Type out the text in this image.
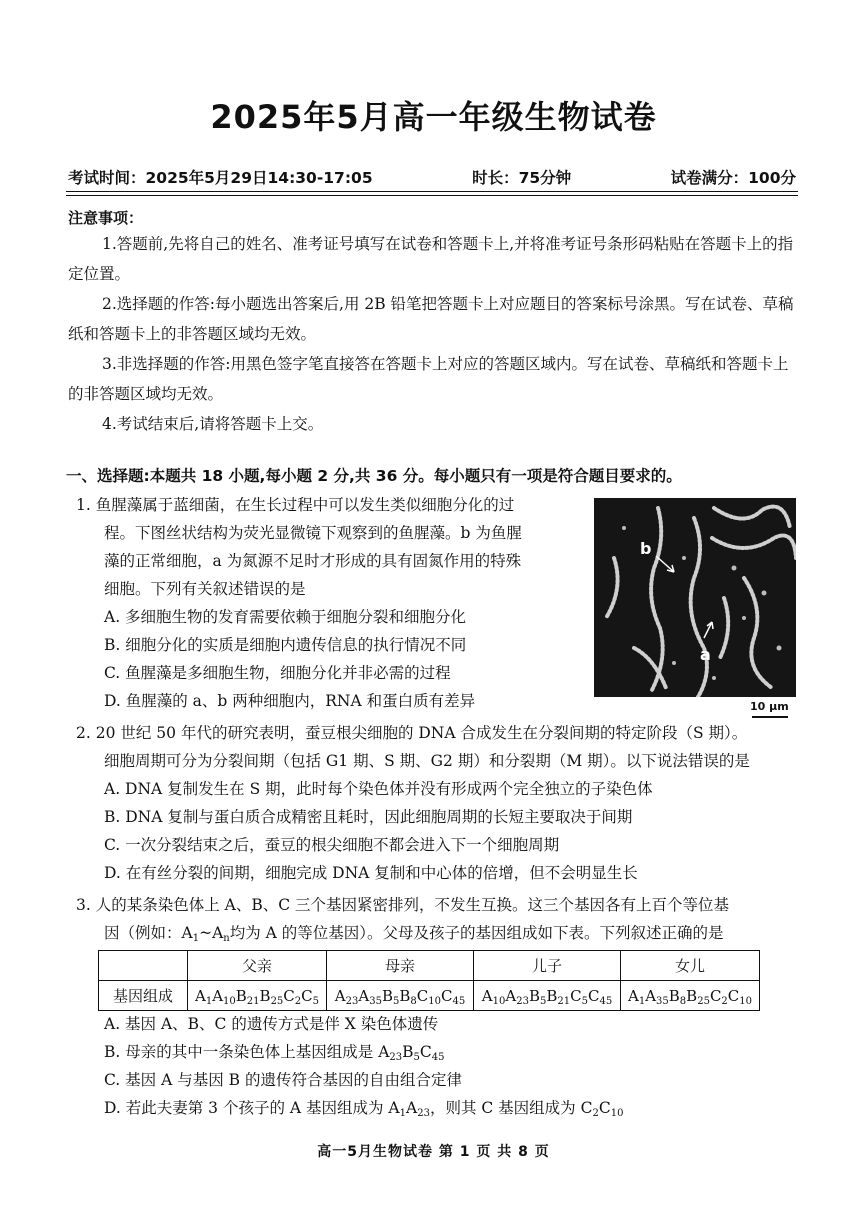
2025年5月高一年级生物试卷
考试时间：2025年5月29日14:30-17:05	时长：75分钟	试卷满分：100分
注意事项：

1.答题前,先将自己的姓名、准考证号填写在试卷和答题卡上,并将准考证号条形码粘贴在答题卡上的指定位置。

2.选择题的作答:每小题选出答案后,用 2B 铅笔把答题卡上对应题目的答案标号涂黑。写在试卷、草稿纸和答题卡上的非答题区域均无效。

3.非选择题的作答:用黑色签字笔直接答在答题卡上对应的答题区域内。写在试卷、草稿纸和答题卡上的非答题区域均无效。

4.考试结束后,请将答题卡上交。

一、选择题:本题共 18 小题,每小题 2 分,共 36 分。每小题只有一项是符合题目要求的。
1. 鱼腥藻属于蓝细菌，在生长过程中可以发生类似细胞分化的过
程。下图丝状结构为荧光显微镜下观察到的鱼腥藻。b 为鱼腥
藻的正常细胞，a 为氮源不足时才形成的具有固氮作用的特殊
细胞。下列有关叙述错误的是
A. 多细胞生物的发育需要依赖于细胞分裂和细胞分化
B. 细胞分化的实质是细胞内遗传信息的执行情况不同
C. 鱼腥藻是多细胞生物，细胞分化并非必需的过程
D. 鱼腥藻的 a、b 两种细胞内，RNA 和蛋白质有差异
b
a
10 μm
2. 20 世纪 50 年代的研究表明，蚕豆根尖细胞的 DNA 合成发生在分裂间期的特定阶段（S 期）。
细胞周期可分为分裂间期（包括 G1 期、S 期、G2 期）和分裂期（M 期）。以下说法错误的是
A. DNA 复制发生在 S 期，此时每个染色体并没有形成两个完全独立的子染色体
B. DNA 复制与蛋白质合成精密且耗时，因此细胞周期的长短主要取决于间期
C. 一次分裂结束之后，蚕豆的根尖细胞不都会进入下一个细胞周期
D. 在有丝分裂的间期，细胞完成 DNA 复制和中心体的倍增，但不会明显生长
3. 人的某条染色体上 A、B、C 三个基因紧密排列，不发生互换。这三个基因各有上百个等位基
因（例如：$A_1\sim A_n$均为 A 的等位基因）。父母及孩子的基因组成如下表。下列叙述正确的是
	父亲	母亲	儿子	女儿
基因组成	$A_1A_{10}B_{21}B_{25}C_2C_5$	$A_{23}A_{35}B_5B_8C_{10}C_{45}$	$A_{10}A_{23}B_5B_{21}C_5C_{45}$	$A_1A_{35}B_8B_{25}C_2C_{10}$
A. 基因 A、B、C 的遗传方式是伴 X 染色体遗传
B. 母亲的其中一条染色体上基因组成是 $A_{23}B_5C_{45}$
C. 基因 A 与基因 B 的遗传符合基因的自由组合定律
D. 若此夫妻第 3 个孩子的 A 基因组成为 $A_1A_{23}$，则其 C 基因组成为 $C_2C_{10}$
高一5月生物试卷 第 1 页 共 8 页
